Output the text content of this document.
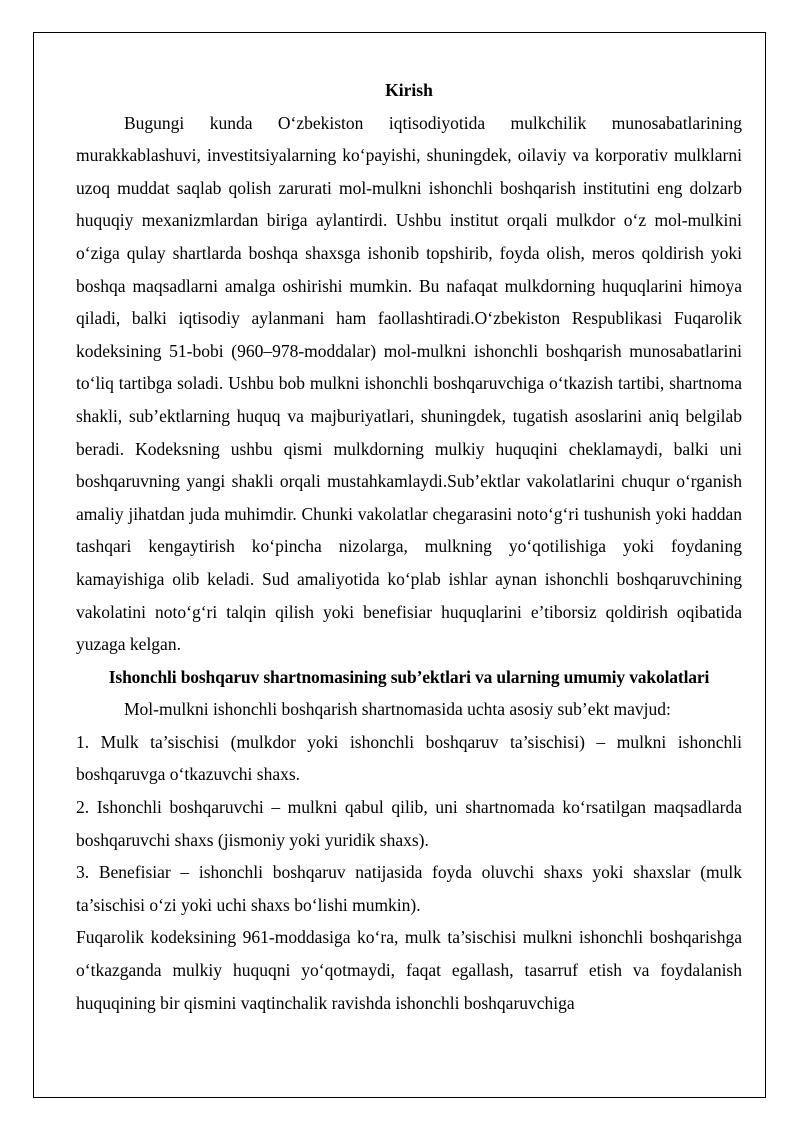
Kirish

Bugungi kunda O‘zbekiston iqtisodiyotida mulkchilik munosabatlarining murakkablashuvi, investitsiyalarning ko‘payishi, shuningdek, oilaviy va korporativ mulklarni uzoq muddat saqlab qolish zarurati mol-mulkni ishonchli boshqarish institutini eng dolzarb huquqiy mexanizmlardan biriga aylantirdi. Ushbu institut orqali mulkdor o‘z mol-mulkini o‘ziga qulay shartlarda boshqa shaxsga ishonib topshirib, foyda olish, meros qoldirish yoki boshqa maqsadlarni amalga oshirishi mumkin. Bu nafaqat mulkdorning huquqlarini himoya qiladi, balki iqtisodiy aylanmani ham faollashtiradi.O‘zbekiston Respublikasi Fuqarolik kodeksining 51-bobi (960–978-moddalar) mol-mulkni ishonchli boshqarish munosabatlarini to‘liq tartibga soladi. Ushbu bob mulkni ishonchli boshqaruvchiga o‘tkazish tartibi, shartnoma shakli, sub’ektlarning huquq va majburiyatlari, shuningdek, tugatish asoslarini aniq belgilab beradi. Kodeksning ushbu qismi mulkdorning mulkiy huquqini cheklamaydi, balki uni boshqaruvning yangi shakli orqali mustahkamlaydi.Sub’ektlar vakolatlarini chuqur o‘rganish amaliy jihatdan juda muhimdir. Chunki vakolatlar chegarasini noto‘g‘ri tushunish yoki haddan tashqari kengaytirish ko‘pincha nizolarga, mulkning yo‘qotilishiga yoki foydaning kamayishiga olib keladi. Sud amaliyotida ko‘plab ishlar aynan ishonchli boshqaruvchining vakolatini noto‘g‘ri talqin qilish yoki benefisiar huquqlarini e’tiborsiz qoldirish oqibatida yuzaga kelgan.

Ishonchli boshqaruv shartnomasining sub’ektlari va ularning umumiy vakolatlari

Mol-mulkni ishonchli boshqarish shartnomasida uchta asosiy sub’ekt mavjud:

1. Mulk ta’sischisi (mulkdor yoki ishonchli boshqaruv ta’sischisi) – mulkni ishonchli boshqaruvga o‘tkazuvchi shaxs.

2. Ishonchli boshqaruvchi – mulkni qabul qilib, uni shartnomada ko‘rsatilgan maqsadlarda boshqaruvchi shaxs (jismoniy yoki yuridik shaxs).

3. Benefisiar – ishonchli boshqaruv natijasida foyda oluvchi shaxs yoki shaxslar (mulk ta’sischisi o‘zi yoki uchi shaxs bo‘lishi mumkin).

Fuqarolik kodeksining 961-moddasiga ko‘ra, mulk ta’sischisi mulkni ishonchli boshqarishga o‘tkazganda mulkiy huquqni yo‘qotmaydi, faqat egallash, tasarruf etish va foydalanish huquqining bir qismini vaqtinchalik ravishda ishonchli boshqaruvchiga
